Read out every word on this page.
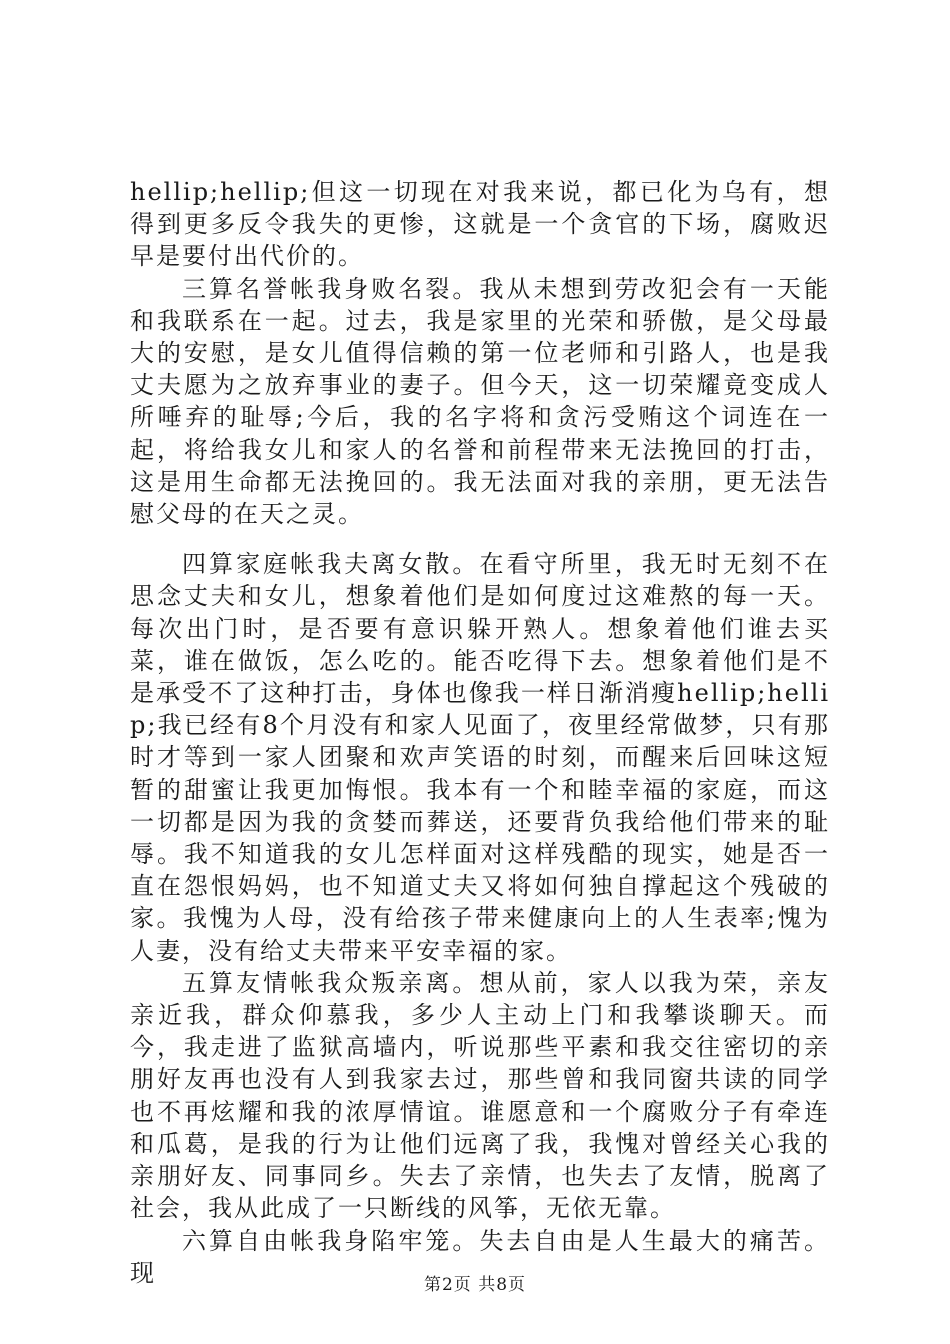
hellip;hellip;但这一切现在对我来说，都已化为乌有，想得到更多反令我失的更惨，这就是一个贪官的下场，腐败迟早是要付出代价的。

三算名誉帐我身败名裂。我从未想到劳改犯会有一天能和我联系在一起。过去，我是家里的光荣和骄傲，是父母最大的安慰，是女儿值得信赖的第一位老师和引路人，也是我丈夫愿为之放弃事业的妻子。但今天，这一切荣耀竟变成人所唾弃的耻辱;今后，我的名字将和贪污受贿这个词连在一起，将给我女儿和家人的名誉和前程带来无法挽回的打击，这是用生命都无法挽回的。我无法面对我的亲朋，更无法告慰父母的在天之灵。

四算家庭帐我夫离女散。在看守所里，我无时无刻不在思念丈夫和女儿，想象着他们是如何度过这难熬的每一天。每次出门时，是否要有意识躲开熟人。想象着他们谁去买菜，谁在做饭，怎么吃的。能否吃得下去。想象着他们是不是承受不了这种打击，身体也像我一样日渐消瘦hellip;hellip;我已经有8个月没有和家人见面了，夜里经常做梦，只有那时才等到一家人团聚和欢声笑语的时刻，而醒来后回味这短暂的甜蜜让我更加悔恨。我本有一个和睦幸福的家庭，而这一切都是因为我的贪婪而葬送，还要背负我给他们带来的耻辱。我不知道我的女儿怎样面对这样残酷的现实，她是否一直在怨恨妈妈，也不知道丈夫又将如何独自撑起这个残破的家。我愧为人母，没有给孩子带来健康向上的人生表率;愧为人妻，没有给丈夫带来平安幸福的家。

五算友情帐我众叛亲离。想从前，家人以我为荣，亲友亲近我，群众仰慕我，多少人主动上门和我攀谈聊天。而今，我走进了监狱高墙内，听说那些平素和我交往密切的亲朋好友再也没有人到我家去过，那些曾和我同窗共读的同学也不再炫耀和我的浓厚情谊。谁愿意和一个腐败分子有牵连和瓜葛，是我的行为让他们远离了我，我愧对曾经关心我的亲朋好友、同事同乡。失去了亲情，也失去了友情，脱离了社会，我从此成了一只断线的风筝，无依无靠。

六算自由帐我身陷牢笼。失去自由是人生最大的痛苦。现	第2页 共8页
